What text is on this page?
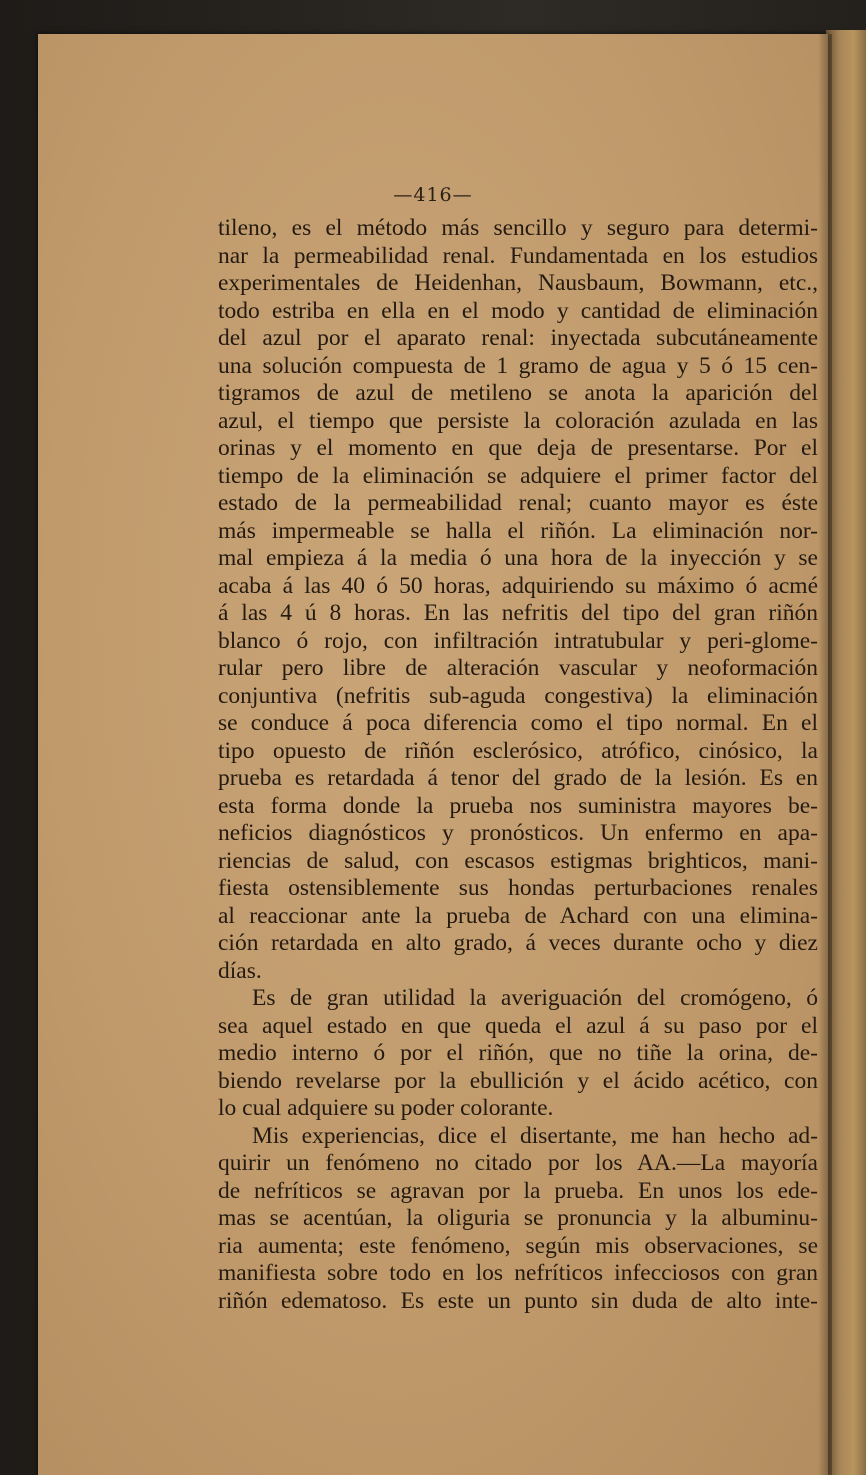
—416—
tileno, es el método más sencillo y seguro para determi-
nar la permeabilidad renal. Fundamentada en los estudios
experimentales de Heidenhan, Nausbaum, Bowmann, etc.,
todo estriba en ella en el modo y cantidad de eliminación
del azul por el aparato renal: inyectada subcutáneamente
una solución compuesta de 1 gramo de agua y 5 ó 15 cen-
tigramos de azul de metileno se anota la aparición del
azul, el tiempo que persiste la coloración azulada en las
orinas y el momento en que deja de presentarse. Por el
tiempo de la eliminación se adquiere el primer factor del
estado de la permeabilidad renal; cuanto mayor es éste
más impermeable se halla el riñón. La eliminación nor-
mal empieza á la media ó una hora de la inyección y se
acaba á las 40 ó 50 horas, adquiriendo su máximo ó acmé
á las 4 ú 8 horas. En las nefritis del tipo del gran riñón
blanco ó rojo, con infiltración intratubular y peri-glome-
rular pero libre de alteración vascular y neoformación
conjuntiva (nefritis sub-aguda congestiva) la eliminación
se conduce á poca diferencia como el tipo normal. En el
tipo opuesto de riñón esclerósico, atrófico, cinósico, la
prueba es retardada á tenor del grado de la lesión. Es en
esta forma donde la prueba nos suministra mayores be-
neficios diagnósticos y pronósticos. Un enfermo en apa-
riencias de salud, con escasos estigmas brighticos, mani-
fiesta ostensiblemente sus hondas perturbaciones renales
al reaccionar ante la prueba de Achard con una elimina-
ción retardada en alto grado, á veces durante ocho y diez
días.
Es de gran utilidad la averiguación del cromógeno, ó
sea aquel estado en que queda el azul á su paso por el
medio interno ó por el riñón, que no tiñe la orina, de-
biendo revelarse por la ebullición y el ácido acético, con
lo cual adquiere su poder colorante.
Mis experiencias, dice el disertante, me han hecho ad-
quirir un fenómeno no citado por los AA.—La mayoría
de nefríticos se agravan por la prueba. En unos los ede-
mas se acentúan, la oliguria se pronuncia y la albuminu-
ria aumenta; este fenómeno, según mis observaciones, se
manifiesta sobre todo en los nefríticos infecciosos con gran
riñón edematoso. Es este un punto sin duda de alto inte-
